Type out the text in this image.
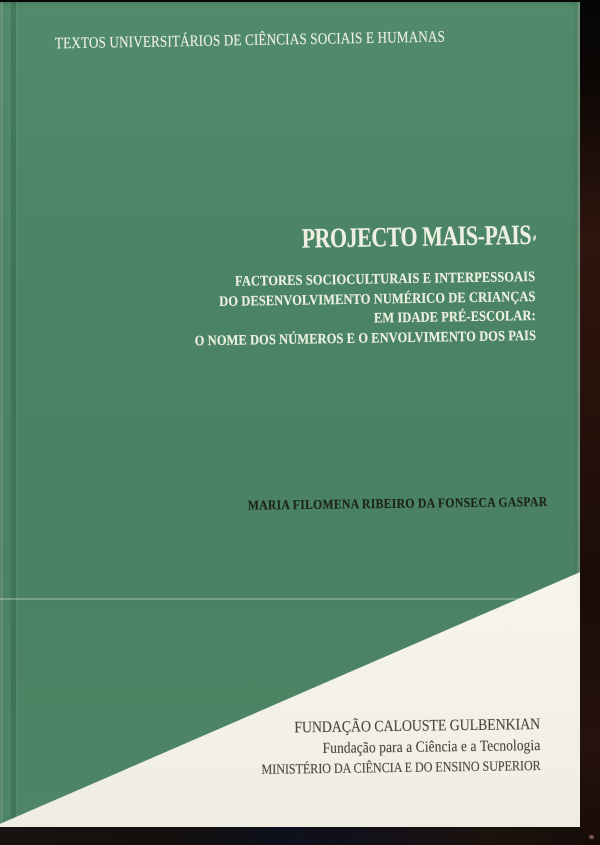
TEXTOS UNIVERSITÁRIOS DE CIÊNCIAS SOCIAIS E HUMANAS
PROJECTO MAIS-PAIS
FACTORES SOCIOCULTURAIS E INTERPESSOAIS
DO DESENVOLVIMENTO NUMÉRICO DE CRIANÇAS
EM IDADE PRÉ-ESCOLAR:
O NOME DOS NÚMEROS E O ENVOLVIMENTO DOS PAIS
MARIA FILOMENA RIBEIRO DA FONSECA GASPAR
FUNDAÇÃO CALOUSTE GULBENKIAN
Fundação para a Ciência e a Tecnologia
MINISTÉRIO DA CIÊNCIA E DO ENSINO SUPERIOR
